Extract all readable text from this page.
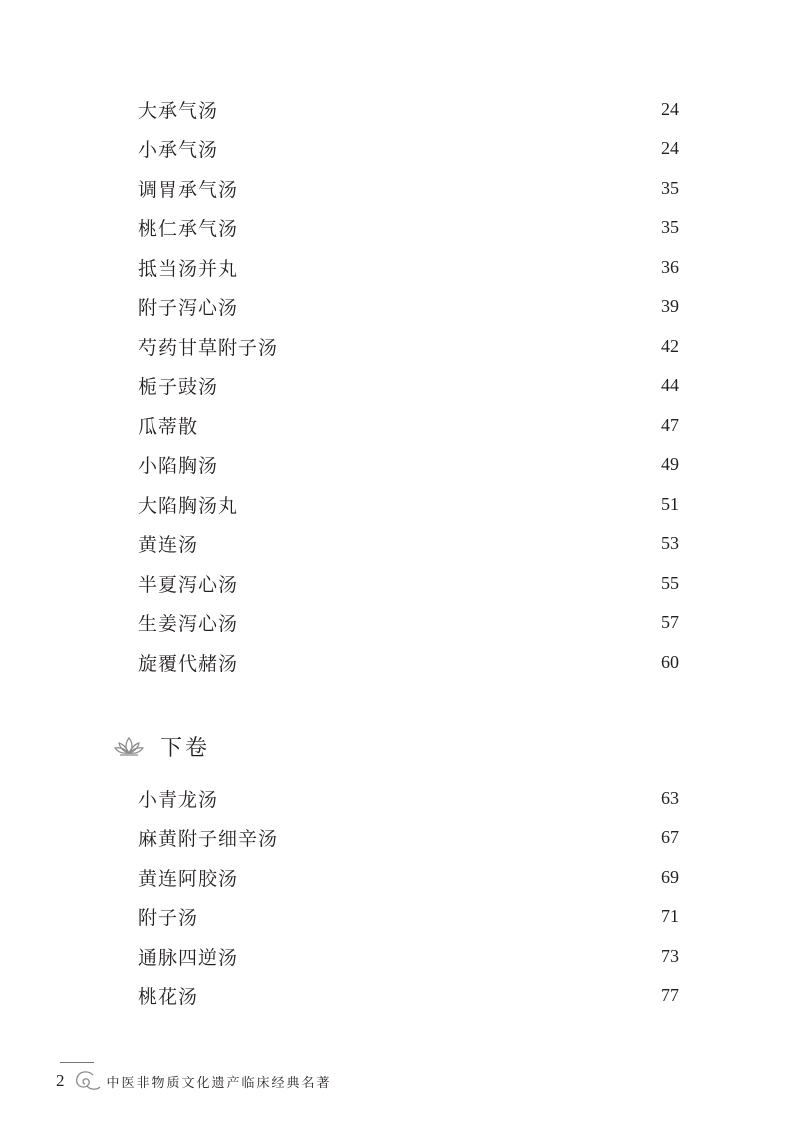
大承气汤	24
小承气汤	24
调胃承气汤	35
桃仁承气汤	35
抵当汤并丸	36
附子泻心汤	39
芍药甘草附子汤	42
栀子豉汤	44
瓜蒂散	47
小陷胸汤	49
大陷胸汤丸	51
黄连汤	53
半夏泻心汤	55
生姜泻心汤	57
旋覆代赭汤	60
下卷
小青龙汤	63
麻黄附子细辛汤	67
黄连阿胶汤	69
附子汤	71
通脉四逆汤	73
桃花汤	77
2	中医非物质文化遗产临床经典名著
